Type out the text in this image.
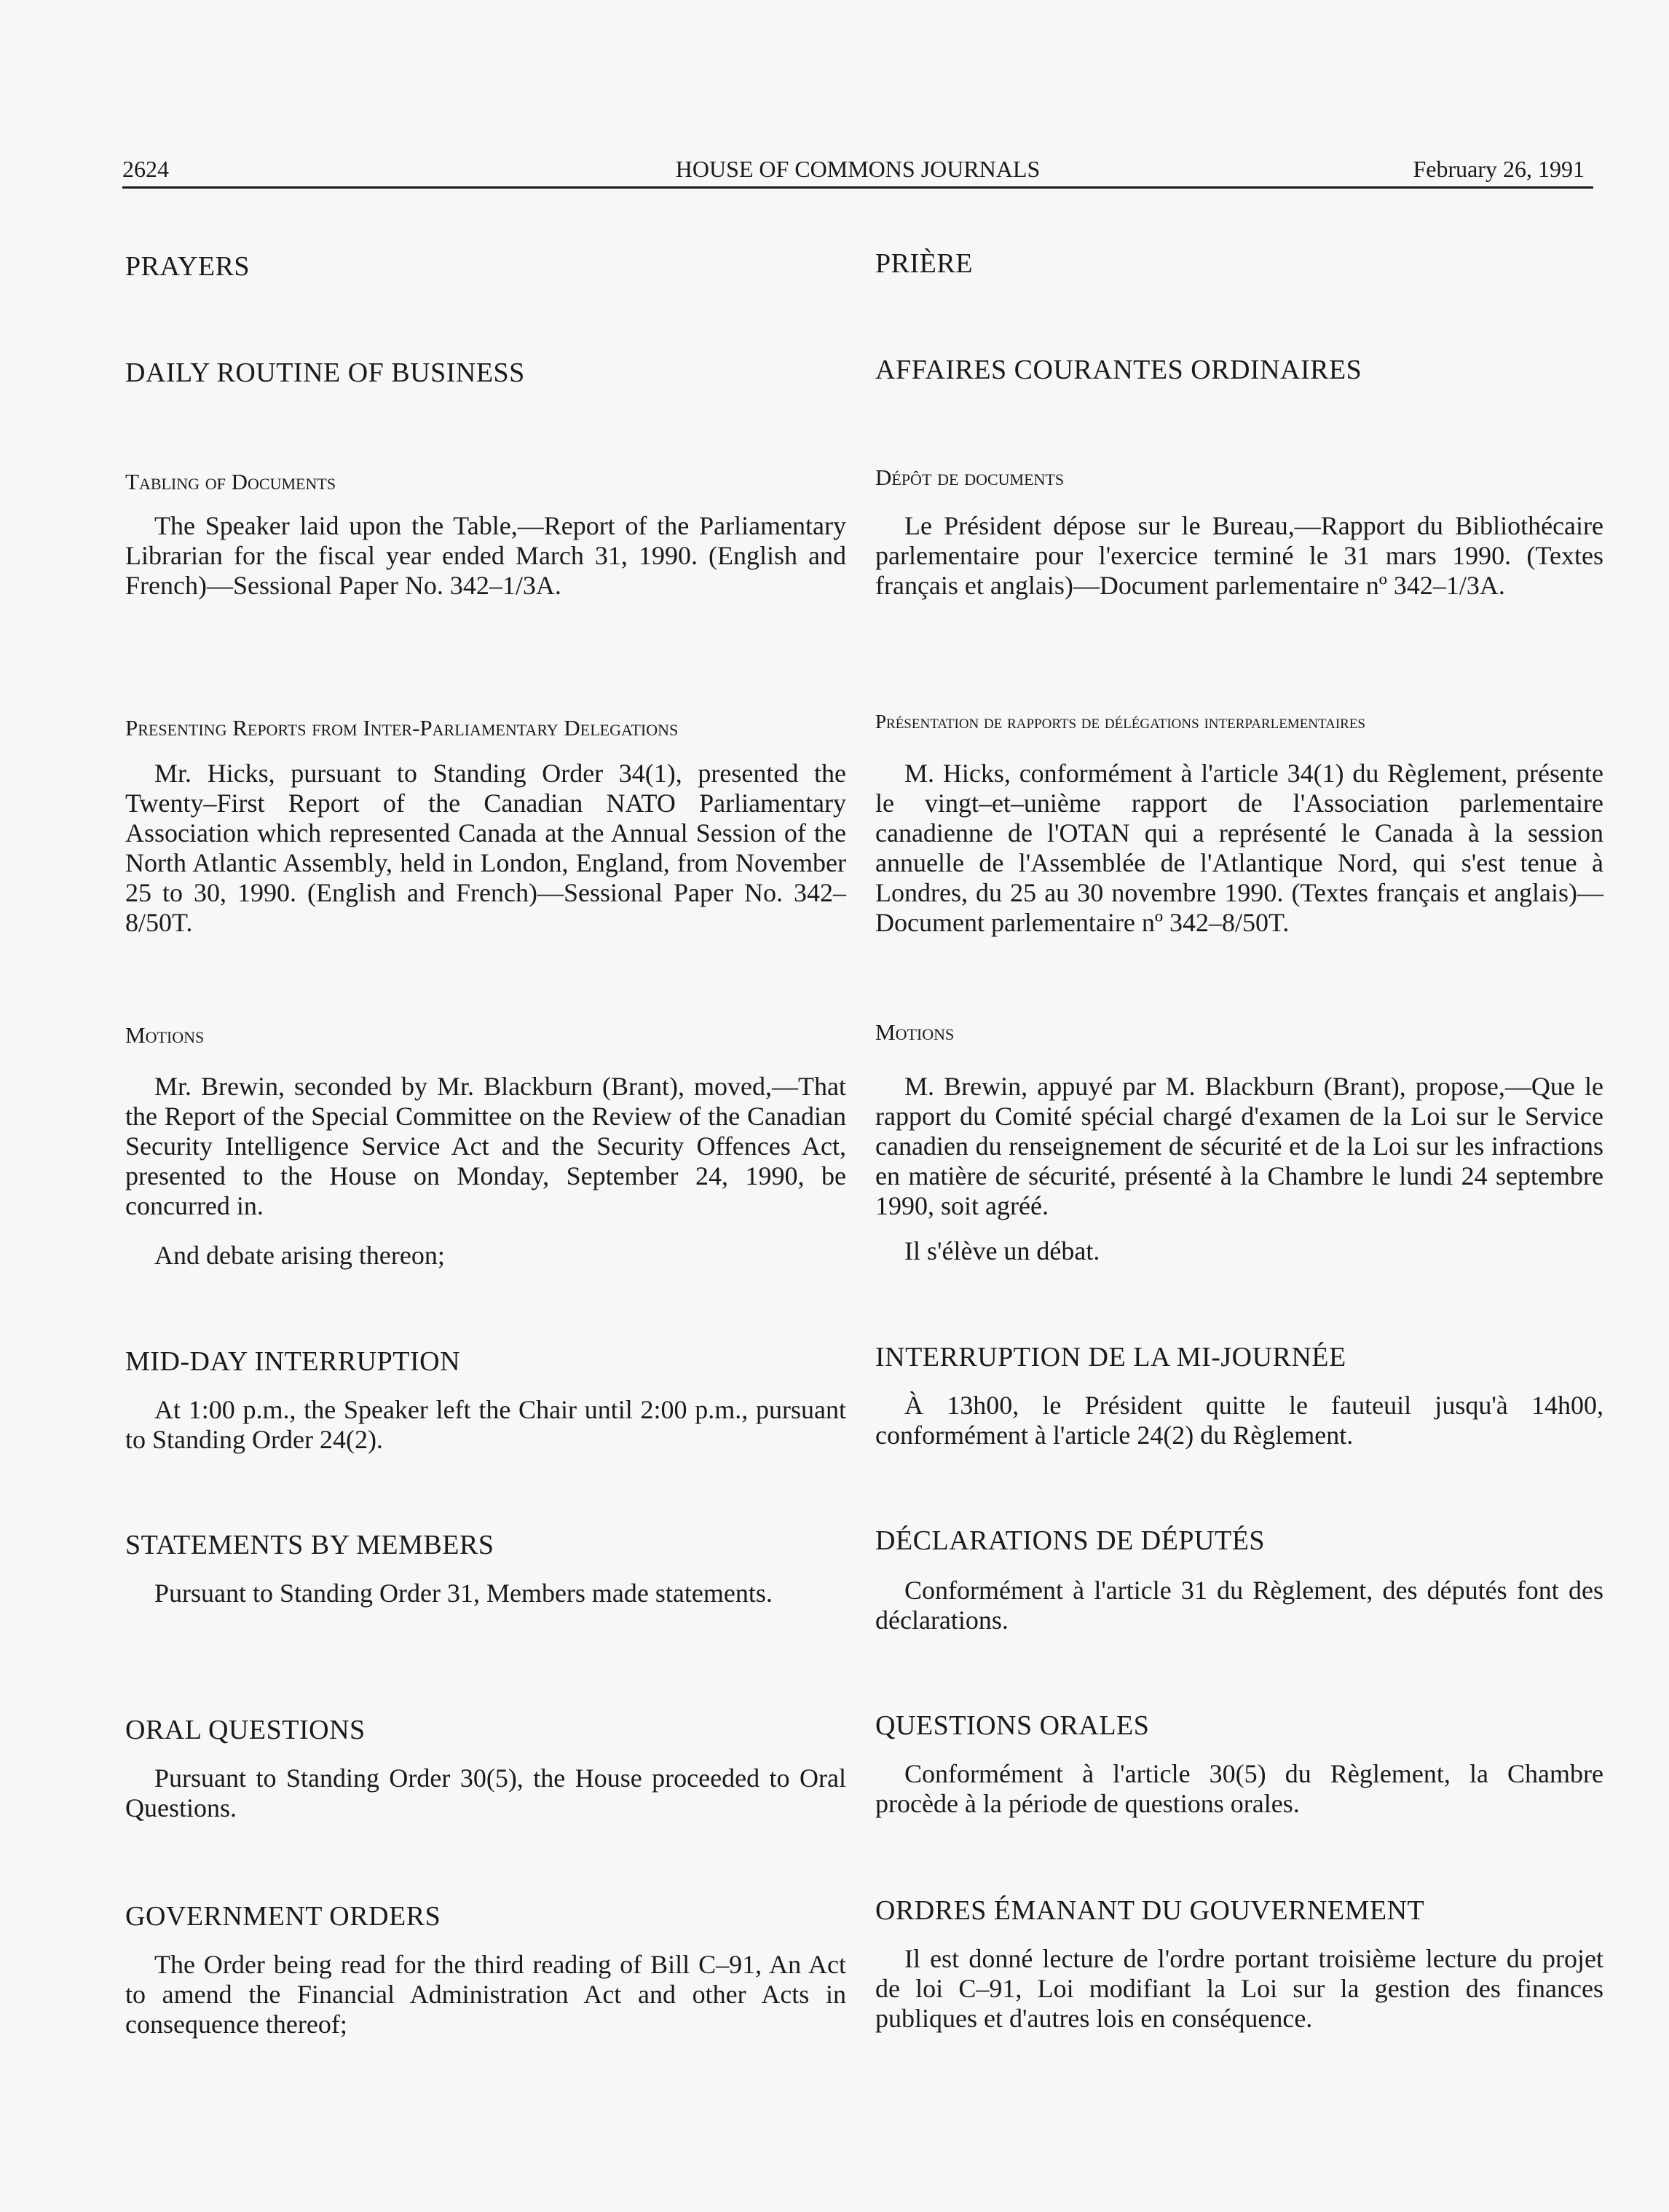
2624	HOUSE OF COMMONS JOURNALS	February 26, 1991
PRAYERS
DAILY ROUTINE OF BUSINESS
Tabling of Documents
The Speaker laid upon the Table,—Report of the Parliamentary Librarian for the fiscal year ended March 31, 1990. (English and French)—Sessional Paper No. 342–1/3A.
Presenting Reports from Inter-Parliamentary Delegations
Mr. Hicks, pursuant to Standing Order 34(1), presented the Twenty–First Report of the Canadian NATO Parliamentary Association which represented Canada at the Annual Session of the North Atlantic Assembly, held in London, England, from November 25 to 30, 1990. (English and French)—Sessional Paper No. 342–8/50T.
Motions
Mr. Brewin, seconded by Mr. Blackburn (Brant), moved,—That the Report of the Special Committee on the Review of the Canadian Security Intelligence Service Act and the Security Offences Act, presented to the House on Monday, September 24, 1990, be concurred in.
And debate arising thereon;
MID-DAY INTERRUPTION
At 1:00 p.m., the Speaker left the Chair until 2:00 p.m., pursuant to Standing Order 24(2).
STATEMENTS BY MEMBERS
Pursuant to Standing Order 31, Members made statements.
ORAL QUESTIONS
Pursuant to Standing Order 30(5), the House proceeded to Oral Questions.
GOVERNMENT ORDERS
The Order being read for the third reading of Bill C–91, An Act to amend the Financial Administration Act and other Acts in consequence thereof;
PRIÈRE
AFFAIRES COURANTES ORDINAIRES
Dépôt de documents
Le Président dépose sur le Bureau,—Rapport du Bibliothécaire parlementaire pour l'exercice terminé le 31 mars 1990. (Textes français et anglais)—Document parlementaire nº 342–1/3A.
Présentation de rapports de délégations interparlementaires
M. Hicks, conformément à l'article 34(1) du Règlement, présente le vingt–et–unième rapport de l'Association parlementaire canadienne de l'OTAN qui a représenté le Canada à la session annuelle de l'Assemblée de l'Atlantique Nord, qui s'est tenue à Londres, du 25 au 30 novembre 1990. (Textes français et anglais)—Document parlementaire nº 342–8/50T.
Motions
M. Brewin, appuyé par M. Blackburn (Brant), propose,—Que le rapport du Comité spécial chargé d'examen de la Loi sur le Service canadien du renseignement de sécurité et de la Loi sur les infractions en matière de sécurité, présenté à la Chambre le lundi 24 septembre 1990, soit agréé.
Il s'élève un débat.
INTERRUPTION DE LA MI-JOURNÉE
À 13h00, le Président quitte le fauteuil jusqu'à 14h00, conformément à l'article 24(2) du Règlement.
DÉCLARATIONS DE DÉPUTÉS
Conformément à l'article 31 du Règlement, des députés font des déclarations.
QUESTIONS ORALES
Conformément à l'article 30(5) du Règlement, la Chambre procède à la période de questions orales.
ORDRES ÉMANANT DU GOUVERNEMENT
Il est donné lecture de l'ordre portant troisième lecture du projet de loi C–91, Loi modifiant la Loi sur la gestion des finances publiques et d'autres lois en conséquence.
